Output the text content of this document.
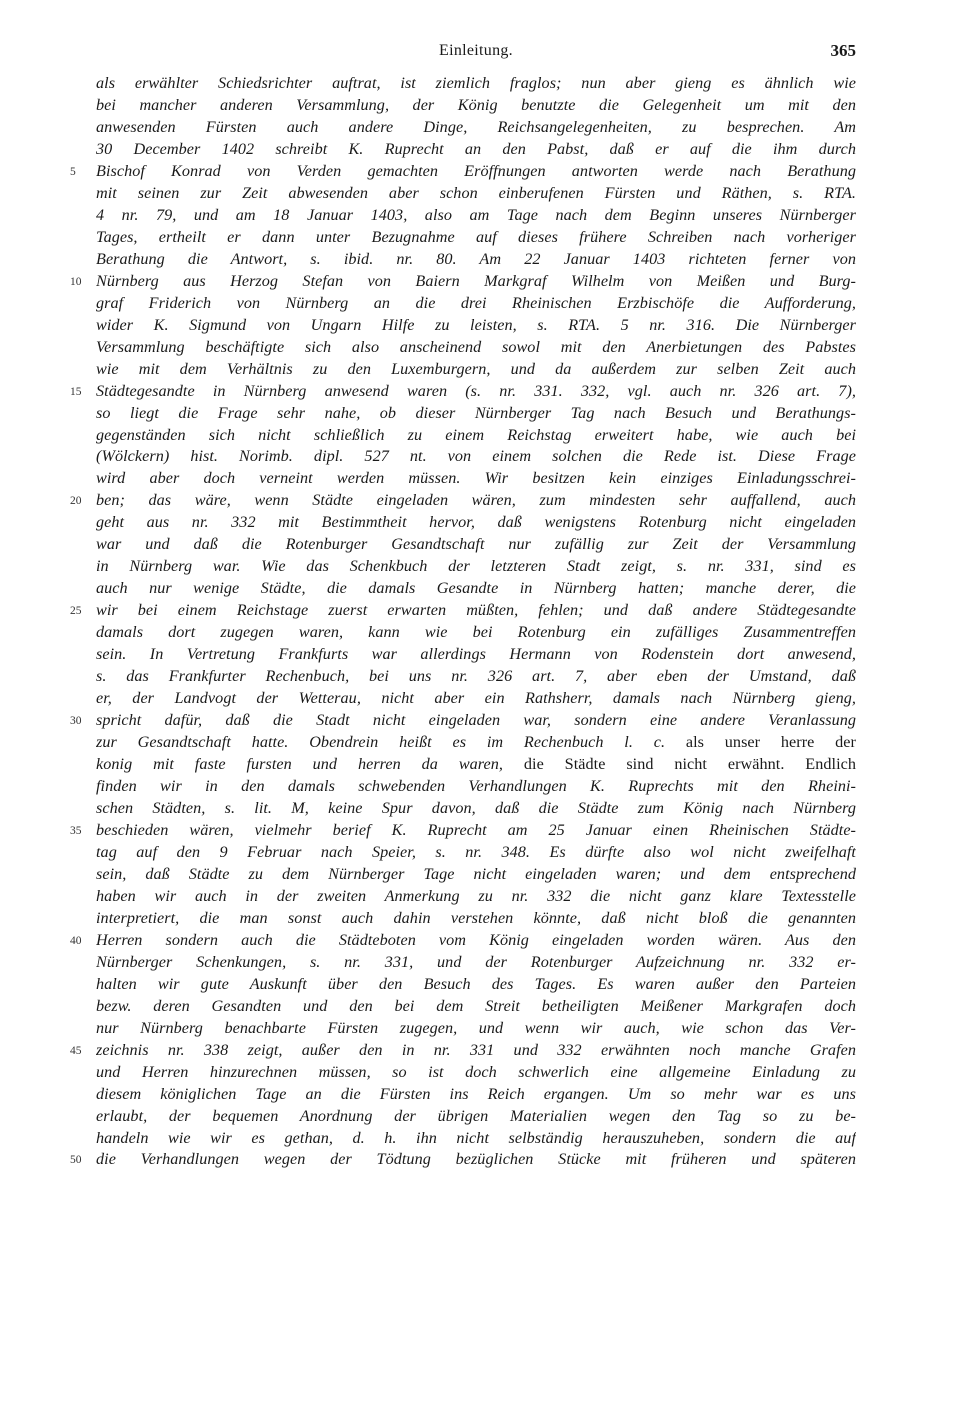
Einleitung.	365
als erwählter Schiedsrichter auftrat, ist ziemlich fraglos; nun aber gieng es ähnlich wie
bei mancher anderen Versammlung, der König benutzte die Gelegenheit um mit den
anwesenden Fürsten auch andere Dinge, Reichsangelegenheiten, zu besprechen. Am
30 December 1402 schreibt K. Ruprecht an den Pabst, daß er auf die ihm durch
5	Bischof Konrad von Verden gemachten Eröffnungen antworten werde nach Berathung
mit seinen zur Zeit abwesenden aber schon einberufenen Fürsten und Räthen, s. RTA.
4 nr. 79, und am 18 Januar 1403, also am Tage nach dem Beginn unseres Nürnberger
Tages, ertheilt er dann unter Bezugnahme auf dieses frühere Schreiben nach vorheriger
Berathung die Antwort, s. ibid. nr. 80. Am 22 Januar 1403 richteten ferner von
10 Nürnberg aus Herzog Stefan von Baiern Markgraf Wilhelm von Meißen und Burg-
graf Friderich von Nürnberg an die drei Rheinischen Erzbischöfe die Aufforderung,
wider K. Sigmund von Ungarn Hilfe zu leisten, s. RTA. 5 nr. 316. Die Nürnberger
Versammlung beschäftigte sich also anscheinend sowol mit den Anerbietungen des Pabstes
wie mit dem Verhältnis zu den Luxemburgern, und da außerdem zur selben Zeit auch
15 Städtegesandte in Nürnberg anwesend waren (s. nr. 331. 332, vgl. auch nr. 326 art. 7),
so liegt die Frage sehr nahe, ob dieser Nürnberger Tag nach Besuch und Berathungs-
gegenständen sich nicht schließlich zu einem Reichstag erweitert habe, wie auch bei
(Wölckern) hist. Norimb. dipl. 527 nt. von einem solchen die Rede ist. Diese Frage
wird aber doch verneint werden müssen. Wir besitzen kein einziges Einladungsschrei-
20 ben; das wäre, wenn Städte eingeladen wären, zum mindesten sehr auffallend, auch
geht aus nr. 332 mit Bestimmtheit hervor, daß wenigstens Rotenburg nicht eingeladen
war und daß die Rotenburger Gesandtschaft nur zufällig zur Zeit der Versammlung
in Nürnberg war. Wie das Schenkbuch der letzteren Stadt zeigt, s. nr. 331, sind es
auch nur wenige Städte, die damals Gesandte in Nürnberg hatten; manche derer, die
25 wir bei einem Reichstage zuerst erwarten müßten, fehlen; und daß andere Städtegesandte
damals dort zugegen waren, kann wie bei Rotenburg ein zufälliges Zusammentreffen
sein. In Vertretung Frankfurts war allerdings Hermann von Rodenstein dort anwesend,
s. das Frankfurter Rechenbuch, bei uns nr. 326 art. 7, aber eben der Umstand, daß
er, der Landvogt der Wetterau, nicht aber ein Rathsherr, damals nach Nürnberg gieng,
30 spricht dafür, daß die Stadt nicht eingeladen war, sondern eine andere Veranlassung
zur Gesandtschaft hatte. Obendrein heißt es im Rechenbuch l. c. als unser herre der
konig mit faste fursten und herren da waren, die Städte sind nicht erwähnt. Endlich
finden wir in den damals schwebenden Verhandlungen K. Ruprechts mit den Rheini-
schen Städten, s. lit. M, keine Spur davon, daß die Städte zum König nach Nürnberg
35 beschieden wären, vielmehr berief K. Ruprecht am 25 Januar einen Rheinischen Städte-
tag auf den 9 Februar nach Speier, s. nr. 348. Es dürfte also wol nicht zweifelhaft
sein, daß Städte zu dem Nürnberger Tage nicht eingeladen waren; und dem entsprechend
haben wir auch in der zweiten Anmerkung zu nr. 332 die nicht ganz klare Textesstelle
interpretiert, die man sonst auch dahin verstehen könnte, daß nicht bloß die genannten
40 Herren sondern auch die Städteboten vom König eingeladen worden wären. Aus den
Nürnberger Schenkungen, s. nr. 331, und der Rotenburger Aufzeichnung nr. 332 er-
halten wir gute Auskunft über den Besuch des Tages. Es waren außer den Parteien
bezw. deren Gesandten und den bei dem Streit betheiligten Meißener Markgrafen doch
nur Nürnberg benachbarte Fürsten zugegen, und wenn wir auch, wie schon das Ver-
45 zeichnis nr. 338 zeigt, außer den in nr. 331 und 332 erwähnten noch manche Grafen
und Herren hinzurechnen müssen, so ist doch schwerlich eine allgemeine Einladung zu
diesem königlichen Tage an die Fürsten ins Reich ergangen. Um so mehr war es uns
erlaubt, der bequemen Anordnung der übrigen Materialien wegen den Tag so zu be-
handeln wie wir es gethan, d. h. ihn nicht selbständig herauszuheben, sondern die auf
50 die Verhandlungen wegen der Tödtung bezüglichen Stücke mit früheren und späteren
